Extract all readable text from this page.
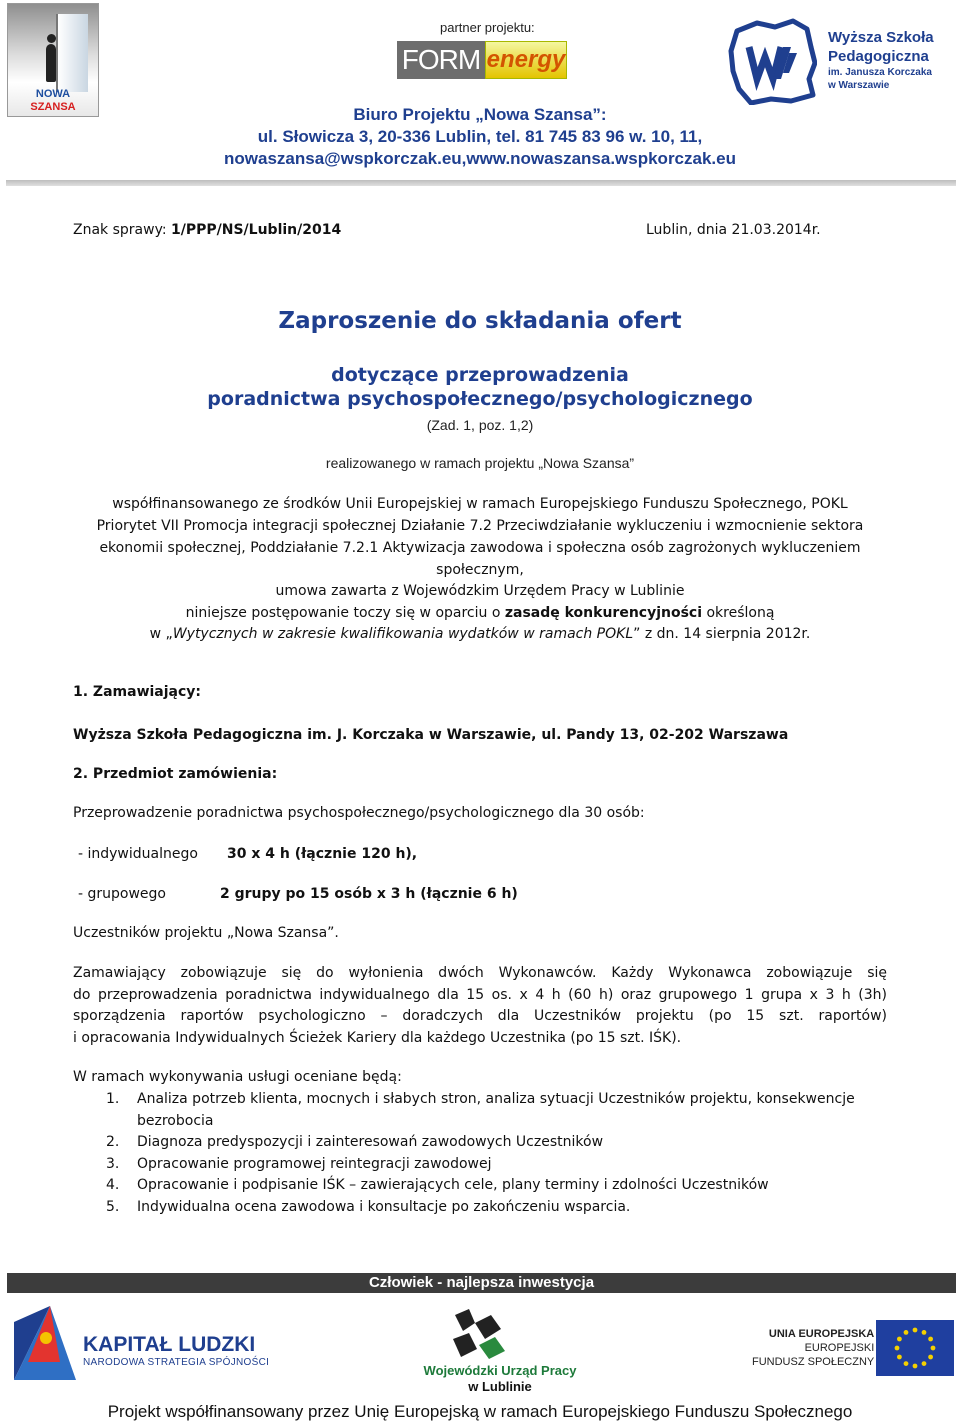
NOWA
SZANSA
partner projektu:
FORM energy
Wyższa Szkoła
Pedagogiczna
im. Janusza Korczaka
w Warszawie
Biuro Projektu „Nowa Szansa”:
ul. Słowicza 3, 20-336 Lublin, tel. 81 745 83 96 w. 10, 11,
nowaszansa@wspkorczak.eu,www.nowaszansa.wspkorczak.eu
Znak sprawy: 1/PPP/NS/Lublin/2014	Lublin, dnia 21.03.2014r.
Zaproszenie do składania ofert
dotyczące przeprowadzenia
poradnictwa psychospołecznego/psychologicznego
(Zad. 1, poz. 1,2)
realizowanego w ramach projektu „Nowa Szansa”
współfinansowanego ze środków Unii Europejskiej w ramach Europejskiego Funduszu Społecznego, POKL
Priorytet VII Promocja integracji społecznej Działanie 7.2 Przeciwdziałanie wykluczeniu i wzmocnienie sektora
ekonomii społecznej, Poddziałanie 7.2.1 Aktywizacja zawodowa i społeczna osób zagrożonych wykluczeniem
społecznym,
umowa zawarta z Wojewódzkim Urzędem Pracy w Lublinie
niniejsze postępowanie toczy się w oparciu o zasadę konkurencyjności określoną
w „Wytycznych w zakresie kwalifikowania wydatków w ramach POKL” z dn. 14 sierpnia 2012r.
1. Zamawiający:
Wyższa Szkoła Pedagogiczna im. J. Korczaka w Warszawie, ul. Pandy 13, 02-202 Warszawa
2. Przedmiot zamówienia:
Przeprowadzenie poradnictwa psychospołecznego/psychologicznego dla 30 osób:
- indywidualnego 30 x 4 h (łącznie 120 h),
- grupowego	2 grupy po 15 osób x 3 h (łącznie 6 h)
Uczestników projektu „Nowa Szansa”.
Zamawiający zobowiązuje się do wyłonienia dwóch Wykonawców. Każdy Wykonawca zobowiązuje się
do przeprowadzenia poradnictwa indywidualnego dla 15 os. x 4 h (60 h) oraz grupowego 1 grupa x 3 h (3h)
sporządzenia raportów psychologiczno – doradczych dla Uczestników projektu (po 15 szt. raportów)
i opracowania Indywidualnych Ścieżek Kariery dla każdego Uczestnika (po 15 szt. IŚK).
W ramach wykonywania usługi oceniane będą:
1. Analiza potrzeb klienta, mocnych i słabych stron, analiza sytuacji Uczestników projektu, konsekwencje
bezrobocia
2. Diagnoza predyspozycji i zainteresowań zawodowych Uczestników
3. Opracowanie programowej reintegracji zawodowej
4. Opracowanie i podpisanie IŚK – zawierających cele, plany terminy i zdolności Uczestników
5. Indywidualna ocena zawodowa i konsultacje po zakończeniu wsparcia.
Człowiek - najlepsza inwestycja
KAPITAŁ LUDZKI
NARODOWA STRATEGIA SPÓJNOŚCI
Wojewódzki Urząd Pracy
w Lublinie
UNIA EUROPEJSKA
EUROPEJSKI
FUNDUSZ SPOŁECZNY
Projekt współfinansowany przez Unię Europejską w ramach Europejskiego Funduszu Społecznego
